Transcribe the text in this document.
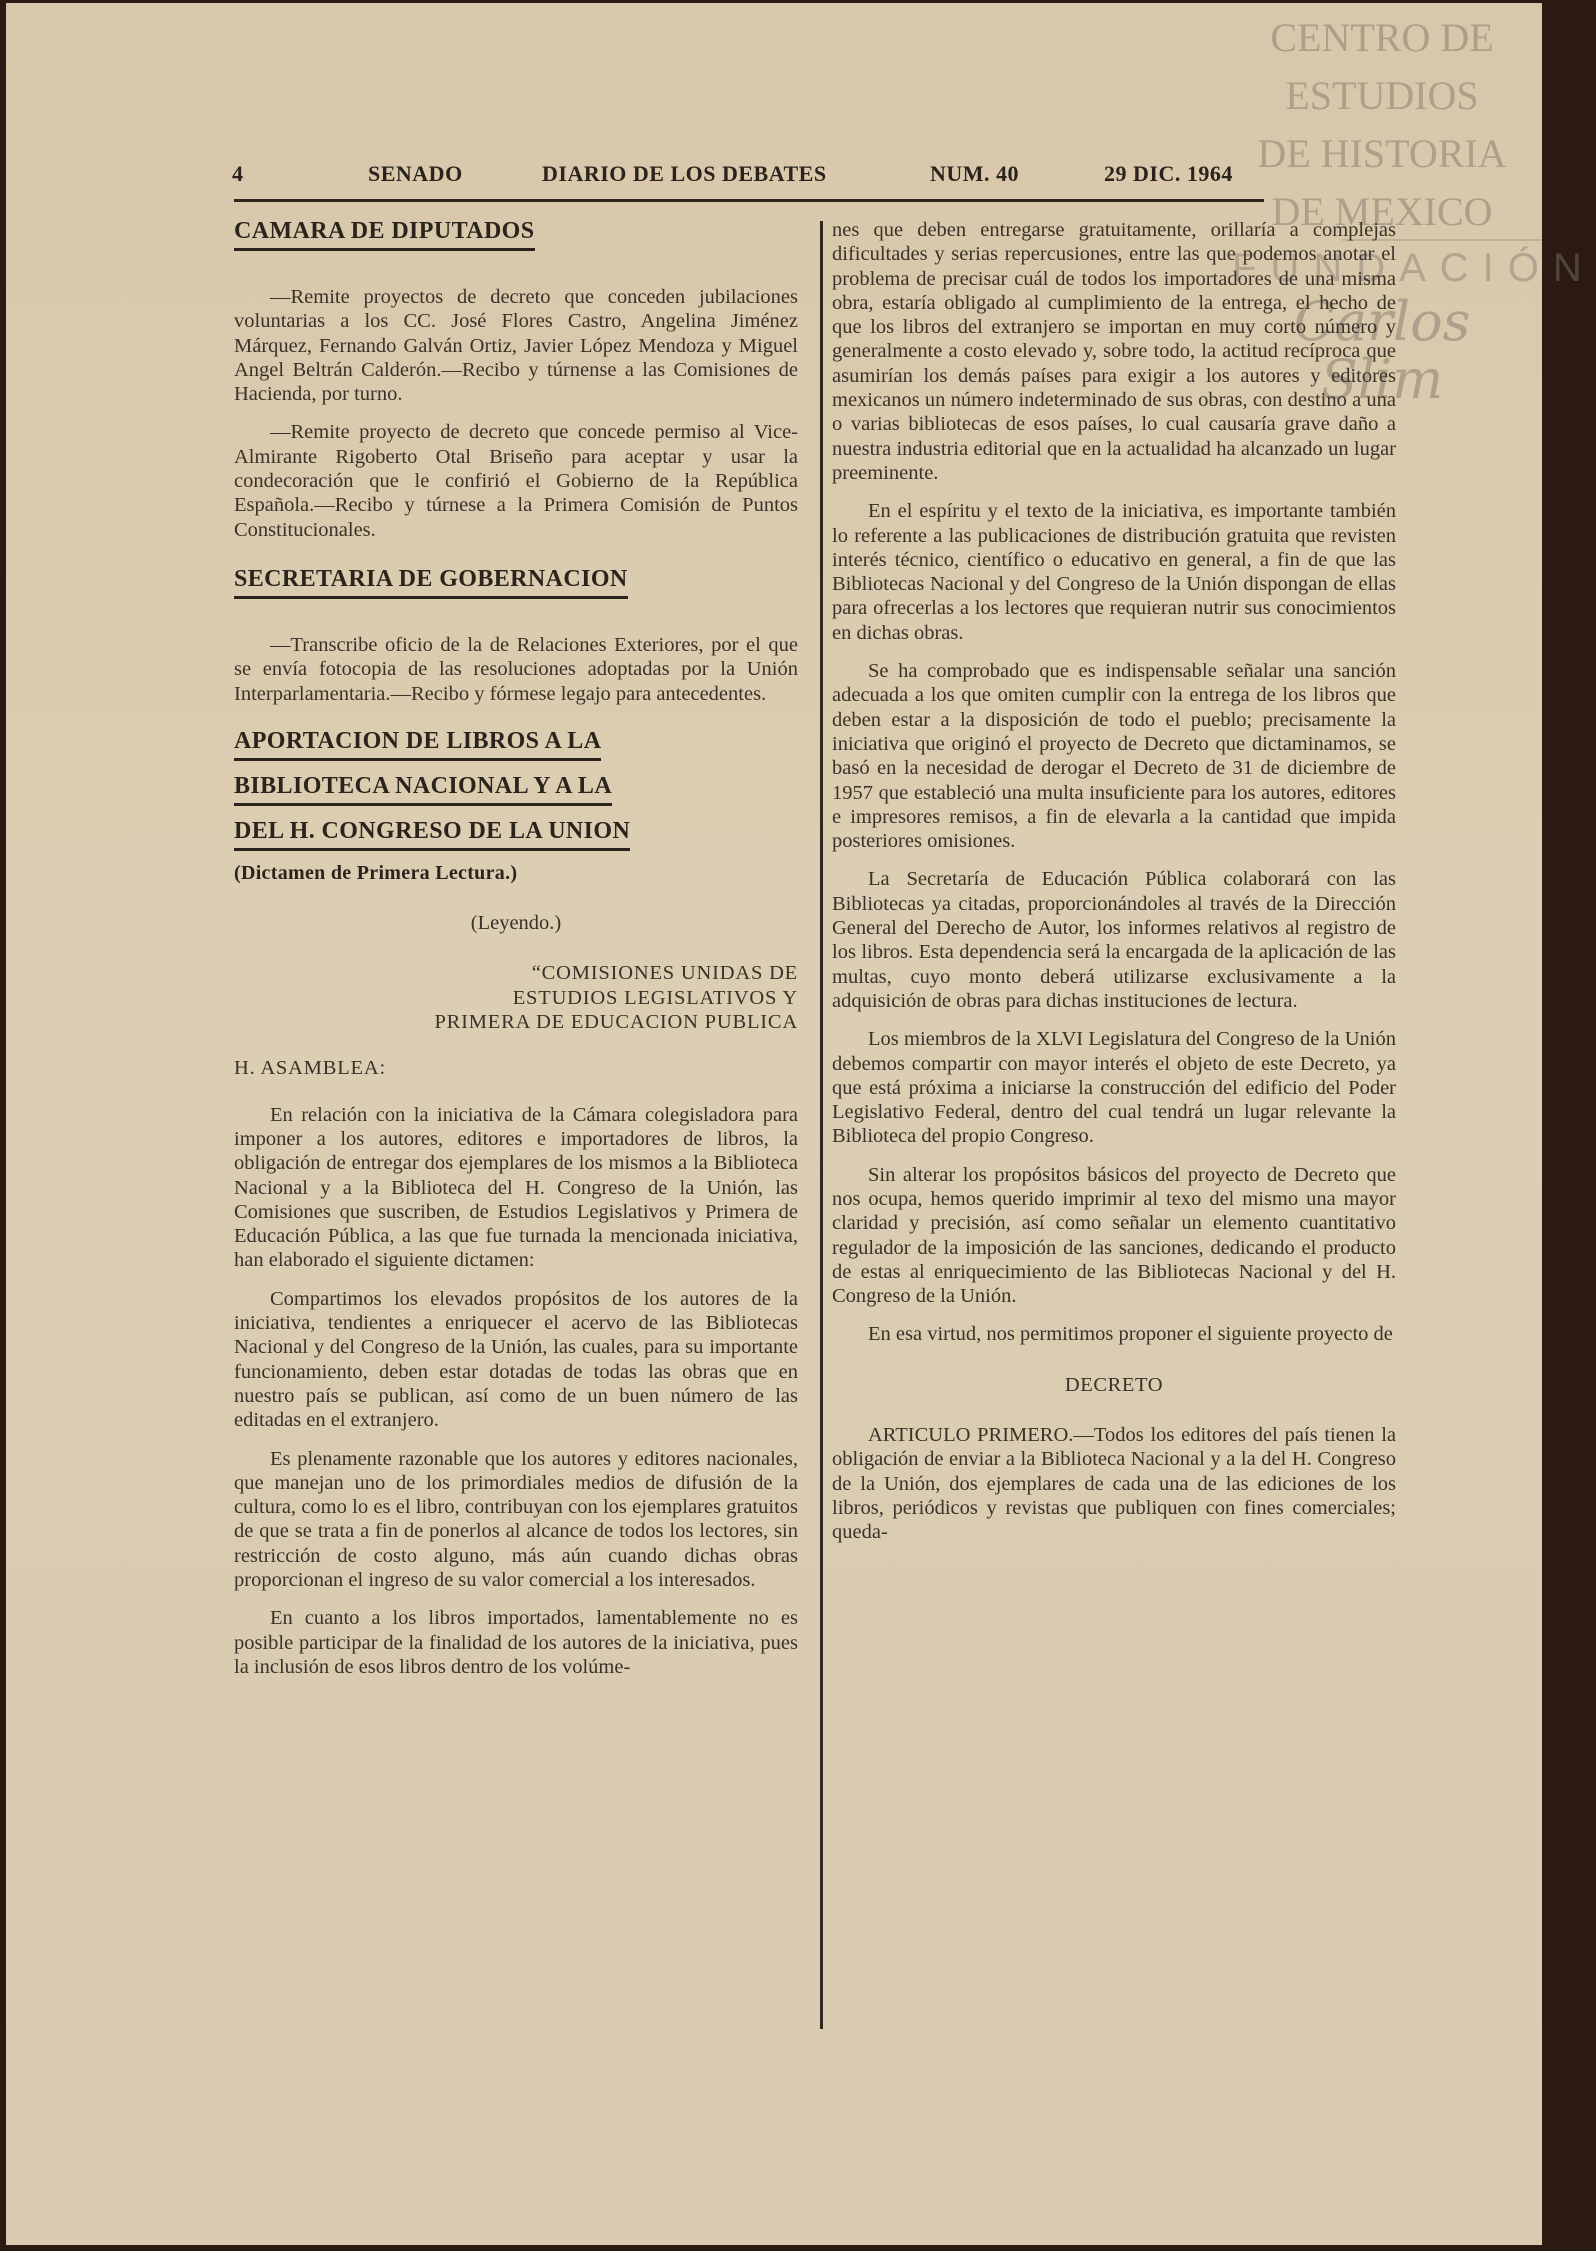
CENTRO DE
ESTUDIOS
DE HISTORIA
DE MEXICO
FUNDACIÓN
Carlos Slim
4	SENADO	DIARIO DE LOS DEBATES	NUM. 40	29 DIC. 1964
CAMARA DE DIPUTADOS

—Remite proyectos de decreto que conceden jubilaciones voluntarias a los CC. José Flores Castro, Angelina Jiménez Márquez, Fernando Galván Ortiz, Javier López Mendoza y Miguel Angel Beltrán Calderón.—Recibo y túrnense a las Comisiones de Hacienda, por turno.

—Remite proyecto de decreto que concede permiso al Vice-Almirante Rigoberto Otal Briseño para aceptar y usar la condecoración que le confirió el Gobierno de la República Española.—Recibo y túrnese a la Primera Comisión de Puntos Constitucionales.

SECRETARIA DE GOBERNACION

—Transcribe oficio de la de Relaciones Exteriores, por el que se envía fotocopia de las resoluciones adoptadas por la Unión Interparlamentaria.—Recibo y fórmese legajo para antecedentes.

APORTACION DE LIBROS A LA
BIBLIOTECA NACIONAL Y A LA
DEL H. CONGRESO DE LA UNION
(Dictamen de Primera Lectura.)

(Leyendo.)

“COMISIONES UNIDAS DE

ESTUDIOS LEGISLATIVOS Y

PRIMERA DE EDUCACION PUBLICA

H. ASAMBLEA:

En relación con la iniciativa de la Cámara colegisladora para imponer a los autores, editores e importadores de libros, la obligación de entregar dos ejemplares de los mismos a la Biblioteca Nacional y a la Biblioteca del H. Congreso de la Unión, las Comisiones que suscriben, de Estudios Legislativos y Primera de Educación Pública, a las que fue turnada la mencionada iniciativa, han elaborado el siguiente dictamen:

Compartimos los elevados propósitos de los autores de la iniciativa, tendientes a enriquecer el acervo de las Bibliotecas Nacional y del Congreso de la Unión, las cuales, para su importante funcionamiento, deben estar dotadas de todas las obras que en nuestro país se publican, así como de un buen número de las editadas en el extranjero.

Es plenamente razonable que los autores y editores nacionales, que manejan uno de los primordiales medios de difusión de la cultura, como lo es el libro, contribuyan con los ejemplares gratuitos de que se trata a fin de ponerlos al alcance de todos los lectores, sin restricción de costo alguno, más aún cuando dichas obras proporcionan el ingreso de su valor comercial a los interesados.

En cuanto a los libros importados, lamentablemente no es posible participar de la finalidad de los autores de la iniciativa, pues la inclusión de esos libros dentro de los volúme-

nes que deben entregarse gratuitamente, orillaría a complejas dificultades y serias repercusiones, entre las que podemos anotar el problema de precisar cuál de todos los importadores de una misma obra, estaría obligado al cumplimiento de la entrega, el hecho de que los libros del extranjero se importan en muy corto número y generalmente a costo elevado y, sobre todo, la actitud recíproca que asumirían los demás países para exigir a los autores y editores mexicanos un número indeterminado de sus obras, con destino a una o varias bibliotecas de esos países, lo cual causaría grave daño a nuestra industria editorial que en la actualidad ha alcanzado un lugar preeminente.

En el espíritu y el texto de la iniciativa, es importante también lo referente a las publicaciones de distribución gratuita que revisten interés técnico, científico o educativo en general, a fin de que las Bibliotecas Nacional y del Congreso de la Unión dispongan de ellas para ofrecerlas a los lectores que requieran nutrir sus conocimientos en dichas obras.

Se ha comprobado que es indispensable señalar una sanción adecuada a los que omiten cumplir con la entrega de los libros que deben estar a la disposición de todo el pueblo; precisamente la iniciativa que originó el proyecto de Decreto que dictaminamos, se basó en la necesidad de derogar el Decreto de 31 de diciembre de 1957 que estableció una multa insuficiente para los autores, editores e impresores remisos, a fin de elevarla a la cantidad que impida posteriores omisiones.

La Secretaría de Educación Pública colaborará con las Bibliotecas ya citadas, proporcionándoles al través de la Dirección General del Derecho de Autor, los informes relativos al registro de los libros. Esta dependencia será la encargada de la aplicación de las multas, cuyo monto deberá utilizarse exclusivamente a la adquisición de obras para dichas instituciones de lectura.

Los miembros de la XLVI Legislatura del Congreso de la Unión debemos compartir con mayor interés el objeto de este Decreto, ya que está próxima a iniciarse la construcción del edificio del Poder Legislativo Federal, dentro del cual tendrá un lugar relevante la Biblioteca del propio Congreso.

Sin alterar los propósitos básicos del proyecto de Decreto que nos ocupa, hemos querido imprimir al texo del mismo una mayor claridad y precisión, así como señalar un elemento cuantitativo regulador de la imposición de las sanciones, dedicando el producto de estas al enriquecimiento de las Bibliotecas Nacional y del H. Congreso de la Unión.

En esa virtud, nos permitimos proponer el siguiente proyecto de

DECRETO

ARTICULO PRIMERO.—Todos los editores del país tienen la obligación de enviar a la Biblioteca Nacional y a la del H. Congreso de la Unión, dos ejemplares de cada una de las ediciones de los libros, periódicos y revistas que publiquen con fines comerciales; queda-
